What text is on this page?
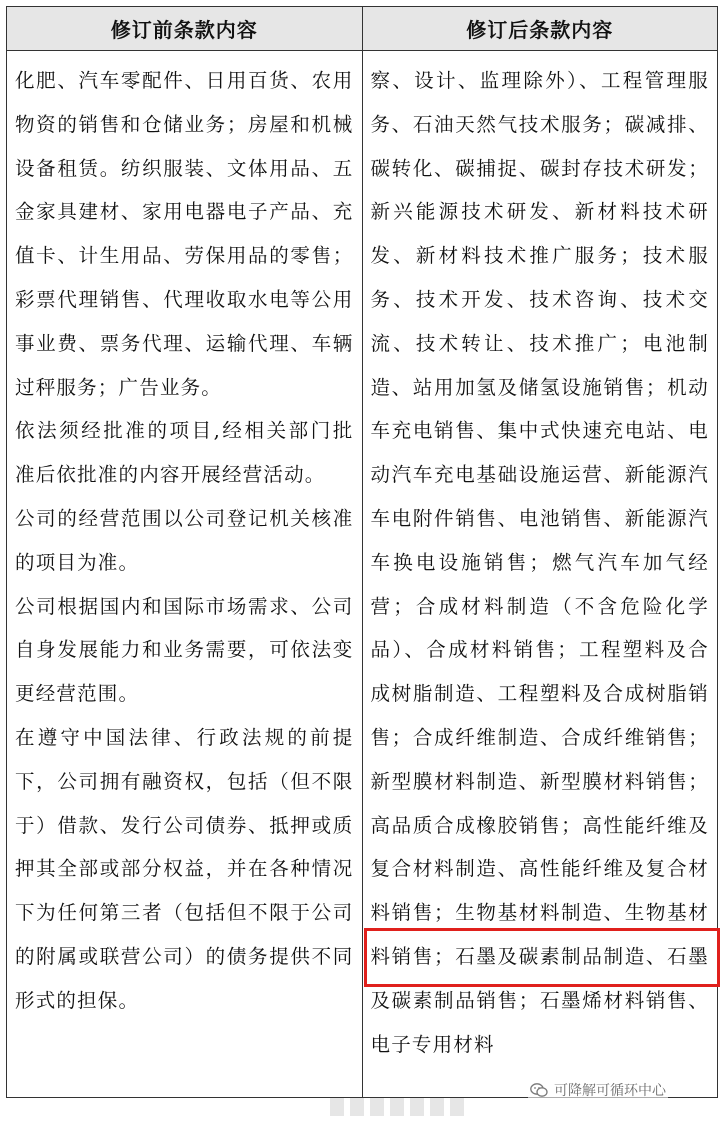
修订前条款内容	修订后条款内容

化肥、汽车零配件、日用百货、农用物资的销售和仓储业务；房屋和机械设备租赁。纺织服装、文体用品、五金家具建材、家用电器电子产品、充值卡、计生用品、劳保用品的零售；彩票代理销售、代理收取水电等公用事业费、票务代理、运输代理、车辆过秤服务；广告业务。

依法须经批准的项目,经相关部门批准后依批准的内容开展经营活动。

公司的经营范围以公司登记机关核准的项目为准。

公司根据国内和国际市场需求、公司自身发展能力和业务需要，可依法变更经营范围。

在遵守中国法律、行政法规的前提下，公司拥有融资权，包括（但不限于）借款、发行公司债券、抵押或质押其全部或部分权益，并在各种情况下为任何第三者（包括但不限于公司的附属或联营公司）的债务提供不同形式的担保。

察、设计、监理除外）、工程管理服务、石油天然气技术服务；碳减排、碳转化、碳捕捉、碳封存技术研发；新兴能源技术研发、新材料技术研发、新材料技术推广服务；技术服务、技术开发、技术咨询、技术交流、技术转让、技术推广；电池制造、站用加氢及储氢设施销售；机动车充电销售、集中式快速充电站、电动汽车充电基础设施运营、新能源汽车电附件销售、电池销售、新能源汽车换电设施销售；燃气汽车加气经营；合成材料制造（不含危险化学品）、合成材料销售；工程塑料及合成树脂制造、工程塑料及合成树脂销售；合成纤维制造、合成纤维销售；新型膜材料制造、新型膜材料销售；高品质合成橡胶销售；高性能纤维及复合材料制造、高性能纤维及复合材料销售；生物基材料制造、生物基材料销售；石墨及碳素制品制造、石墨及碳素制品销售；石墨烯材料销售、电子专用材料

可降解可循环中心
